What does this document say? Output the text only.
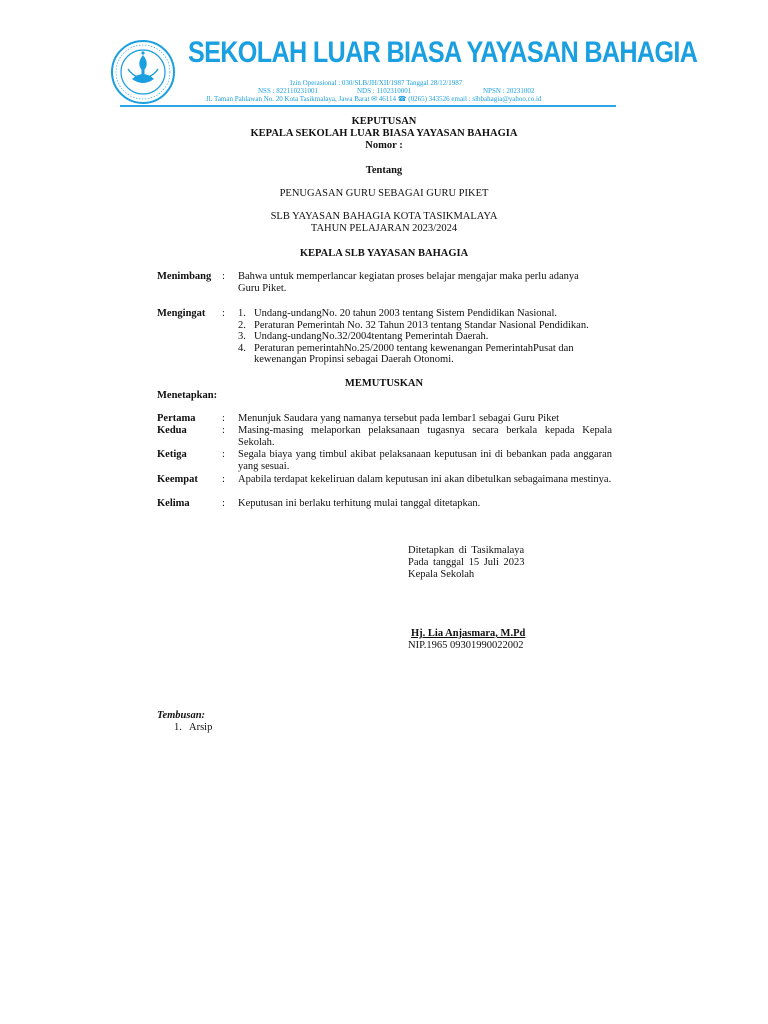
SEKOLAH LUAR BIASA YAYASAN BAHAGIA
Izin Operasional : 030/SLB/JH/XII/1987 Tanggal 28/12/1987
NSS : 822110231001	NDS : 1102310001	NPSN : 20231002
Jl. Taman Pahlawan No. 20 Kota Tasikmalaya, Jawa Barat ✉ 46114 ☎ (0265) 343526 email : slbbahagia@yahoo.co.id
KEPUTUSAN
KEPALA SEKOLAH LUAR BIASA YAYASAN BAHAGIA
Nomor :
Tentang
PENUGASAN GURU SEBAGAI GURU PIKET
SLB YAYASAN BAHAGIA KOTA TASIKMALAYA
TAHUN PELAJARAN 2023/2024
KEPALA SLB YAYASAN BAHAGIA
Menimbang : Bahwa untuk memperlancar kegiatan proses belajar mengajar maka perlu adanya
Guru Piket.
Mengingat : 1. Undang-undangNo. 20 tahun 2003 tentang Sistem Pendidikan Nasional.
2. Peraturan Pemerintah No. 32 Tahun 2013 tentang Standar Nasional Pendidikan.
3. Undang-undangNo.32/2004tentang Pemerintah Daerah.
4. Peraturan pemerintahNo.25/2000 tentang kewenangan PemerintahPusat dan kewenangan Propinsi sebagai Daerah Otonomi.
MEMUTUSKAN
Menetapkan:
Pertama	: Menunjuk Saudara yang namanya tersebut pada lembar1 sebagai Guru Piket
Kedua	: Masing-masing melaporkan pelaksanaan tugasnya secara berkala kepada Kepala Sekolah.
Ketiga	: Segala biaya yang timbul akibat pelaksanaan keputusan ini di bebankan pada anggaran yang sesuai.
Keempat : Apabila terdapat kekeliruan dalam keputusan ini akan dibetulkan sebagaimana mestinya.
Kelima	: Keputusan ini berlaku terhitung mulai tanggal ditetapkan.
Ditetapkan di Tasikmalaya
Pada tanggal 15 Juli 2023
Kepala Sekolah
Hj. Lia Anjasmara, M.Pd
NIP.1965 09301990022002
Tembusan:
1. Arsip
